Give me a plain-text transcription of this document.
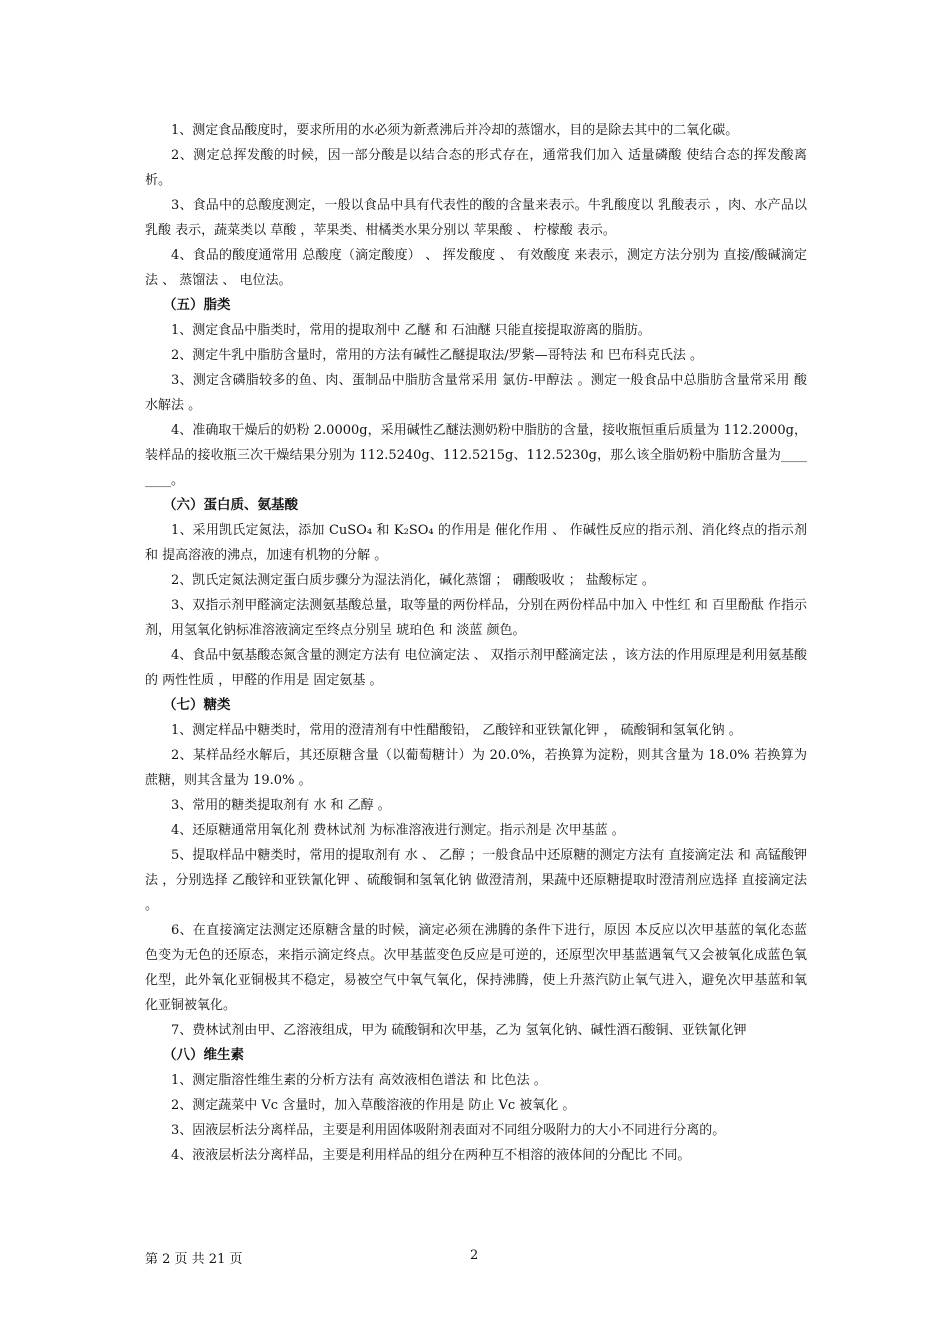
1、测定食品酸度时，要求所用的水必须为新煮沸后并冷却的蒸馏水，目的是除去其中的二氧化碳。

2、测定总挥发酸的时候，因一部分酸是以结合态的形式存在，通常我们加入 适量磷酸 使结合态的挥发酸离析。

3、食品中的总酸度测定，一般以食品中具有代表性的酸的含量来表示。牛乳酸度以 乳酸表示 ，肉、水产品以 乳酸 表示，蔬菜类以 草酸 ，苹果类、柑橘类水果分别以 苹果酸 、 柠檬酸 表示。

4、食品的酸度通常用 总酸度（滴定酸度） 、 挥发酸度 、 有效酸度 来表示，测定方法分别为 直接/酸碱滴定法 、 蒸馏法 、 电位法。

（五）脂类

1、测定食品中脂类时，常用的提取剂中 乙醚 和 石油醚 只能直接提取游离的脂肪。

2、测定牛乳中脂肪含量时，常用的方法有碱性乙醚提取法/罗紫—哥特法 和 巴布科克氏法 。

3、测定含磷脂较多的鱼、肉、蛋制品中脂肪含量常采用 氯仿-甲醇法 。测定一般食品中总脂肪含量常采用 酸水解法 。

4、准确取干燥后的奶粉 2.0000g，采用碱性乙醚法测奶粉中脂肪的含量，接收瓶恒重后质量为 112.2000g，装样品的接收瓶三次干燥结果分别为 112.5240g、112.5215g、112.5230g，那么该全脂奶粉中脂肪含量为________。

（六）蛋白质、氨基酸

1、采用凯氏定氮法，添加 CuSO₄ 和 K₂SO₄ 的作用是 催化作用 、 作碱性反应的指示剂、消化终点的指示剂 和 提高溶液的沸点，加速有机物的分解 。

2、凯氏定氮法测定蛋白质步骤分为湿法消化，碱化蒸馏 ； 硼酸吸收 ； 盐酸标定 。

3、双指示剂甲醛滴定法测氨基酸总量，取等量的两份样品，分别在两份样品中加入 中性红 和 百里酚酞 作指示剂，用氢氧化钠标准溶液滴定至终点分别呈 琥珀色 和 淡蓝 颜色。

4、食品中氨基酸态氮含量的测定方法有 电位滴定法 、 双指示剂甲醛滴定法 ，该方法的作用原理是利用氨基酸的 两性性质 ，甲醛的作用是 固定氨基 。

（七）糖类

1、测定样品中糖类时，常用的澄清剂有中性醋酸铅， 乙酸锌和亚铁氰化钾 ， 硫酸铜和氢氧化钠 。

2、某样品经水解后，其还原糖含量（以葡萄糖计）为 20.0%，若换算为淀粉，则其含量为 18.0% 若换算为蔗糖，则其含量为 19.0% 。

3、常用的糖类提取剂有 水 和 乙醇 。

4、还原糖通常用氧化剂 费林试剂 为标准溶液进行测定。指示剂是 次甲基蓝 。

5、提取样品中糖类时，常用的提取剂有 水 、 乙醇 ；一般食品中还原糖的测定方法有 直接滴定法 和 高锰酸钾法 ，分别选择 乙酸锌和亚铁氰化钾 、硫酸铜和氢氧化钠 做澄清剂，果蔬中还原糖提取时澄清剂应选择 直接滴定法 。

6、在直接滴定法测定还原糖含量的时候，滴定必须在沸腾的条件下进行，原因 本反应以次甲基蓝的氧化态蓝色变为无色的还原态，来指示滴定终点。次甲基蓝变色反应是可逆的，还原型次甲基蓝遇氧气又会被氧化成蓝色氧化型，此外氧化亚铜极其不稳定，易被空气中氧气氧化，保持沸腾，使上升蒸汽防止氧气进入，避免次甲基蓝和氧化亚铜被氧化。

7、费林试剂由甲、乙溶液组成，甲为 硫酸铜和次甲基，乙为 氢氧化钠、碱性酒石酸铜、亚铁氰化钾

（八）维生素

1、测定脂溶性维生素的分析方法有 高效液相色谱法 和 比色法 。

2、测定蔬菜中 Vc 含量时，加入草酸溶液的作用是 防止 Vc 被氧化 。

3、固液层析法分离样品，主要是利用固体吸附剂表面对不同组分吸附力的大小不同进行分离的。

4、液液层析法分离样品，主要是利用样品的组分在两种互不相溶的液体间的分配比 不同。

第 2 页 共 21 页	2
